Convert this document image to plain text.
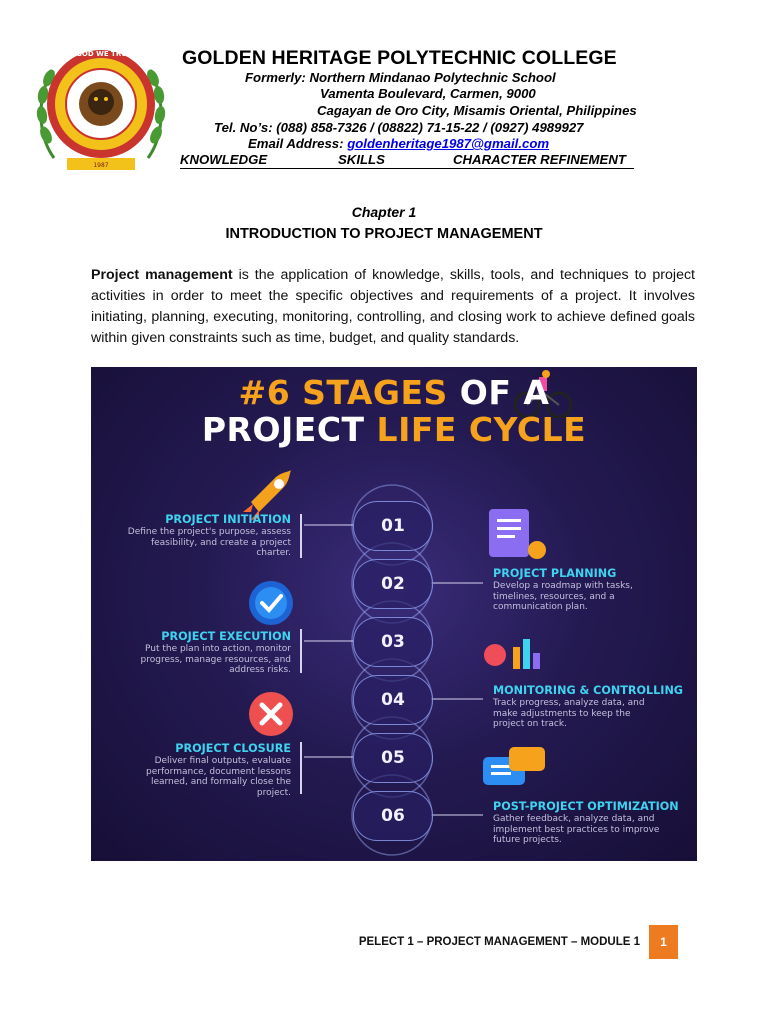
IN GOD WE TRUST
1987
GOLDEN HERITAGE POLYTECHNIC COLLEGE
Formerly: Northern Mindanao Polytechnic School
Vamenta Boulevard, Carmen, 9000
Cagayan de Oro City, Misamis Oriental, Philippines
Tel. No’s: (088) 858-7326 / (08822) 71-15-22 / (0927) 4989927
Email Address: goldenheritage1987@gmail.com
KNOWLEDGE	SKILLS	CHARACTER REFINEMENT
Chapter 1
INTRODUCTION TO PROJECT MANAGEMENT
Project management is the application of knowledge, skills, tools, and techniques to project activities in order to meet the specific objectives and requirements of a project. It involves initiating, planning, executing, monitoring, controlling, and closing work to achieve defined goals within given constraints such as time, budget, and quality standards.
#6 STAGES OF A
PROJECT LIFE CYCLE
01
02
03
04
05
06
PROJECT INITIATION
Define the project's purpose, assess feasibility, and create a project charter.
PROJECT EXECUTION
Put the plan into action, monitor progress, manage resources, and address risks.
PROJECT CLOSURE
Deliver final outputs, evaluate performance, document lessons learned, and formally close the project.
PROJECT PLANNING
Develop a roadmap with tasks, timelines, resources, and a communication plan.
MONITORING & CONTROLLING
Track progress, analyze data, and make adjustments to keep the project on track.
POST-PROJECT OPTIMIZATION
Gather feedback, analyze data, and implement best practices to improve future projects.
PELECT 1 – PROJECT MANAGEMENT – MODULE 1	1
